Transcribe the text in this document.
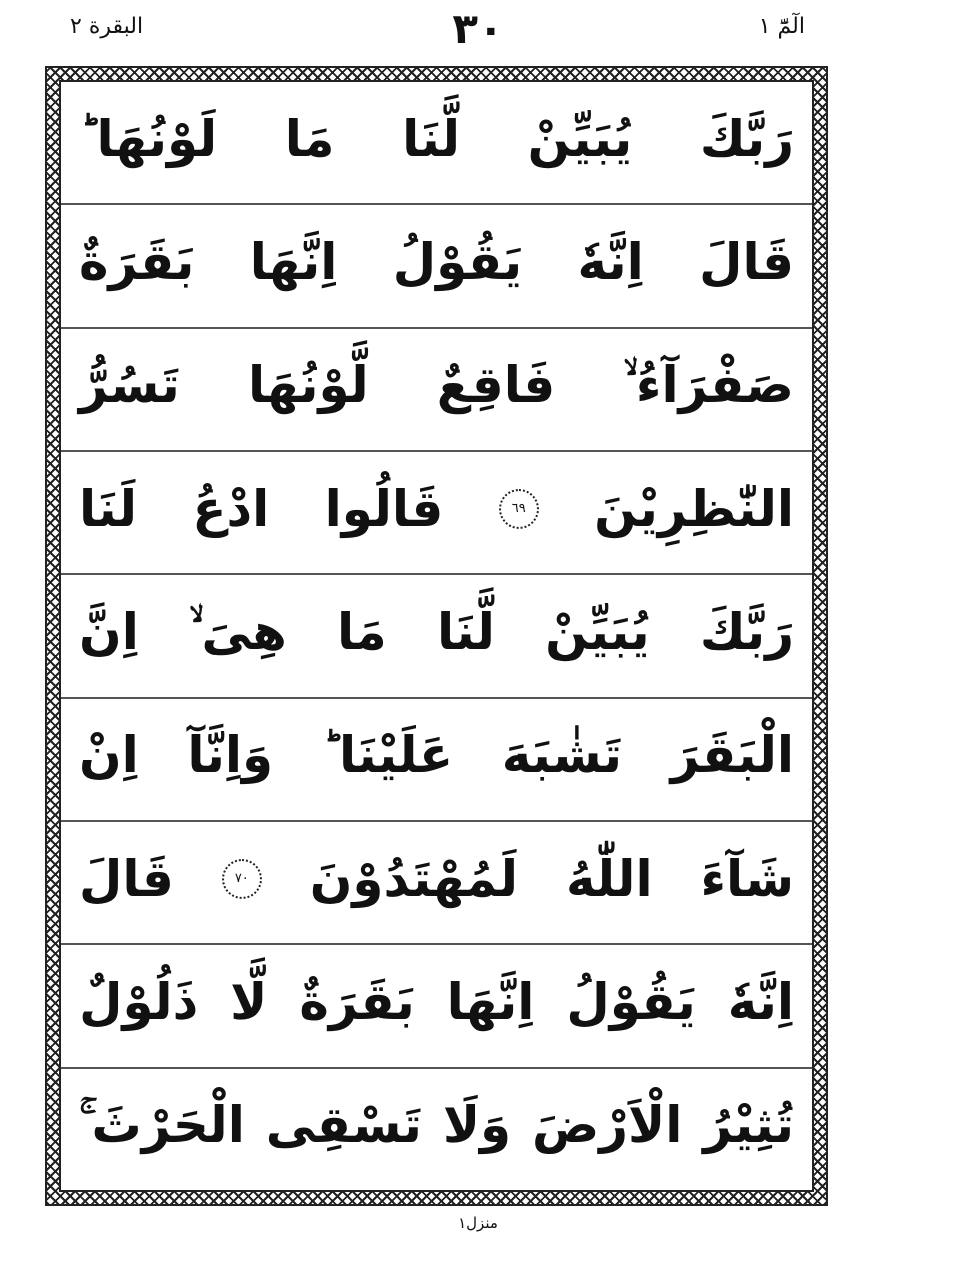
الٓمّٓ ١
٣٠
البقرة ٢
رَبَّكَ
يُبَيِّنْ
لَّنَا
مَا
لَوْنُهَا ؕ
قَالَ
اِنَّهٗ
يَقُوْلُ
اِنَّهَا
بَقَرَةٌ
صَفْرَآءُ ۙ
فَاقِعٌ
لَّوْنُهَا
تَسُرُّ
النّٰظِرِيْنَ
٦٩
قَالُوا
ادْعُ
لَنَا
رَبَّكَ
يُبَيِّنْ
لَّنَا
مَا
هِىَ ۙ
اِنَّ
الْبَقَرَ
تَشٰبَهَ
عَلَيْنَا ؕ
وَاِنَّآ
اِنْ
شَآءَ
اللّٰهُ
لَمُهْتَدُوْنَ
٧٠
قَالَ
اِنَّهٗ
يَقُوْلُ
اِنَّهَا
بَقَرَةٌ
لَّا
ذَلُوْلٌ
تُثِيْرُ
الْاَرْضَ
وَلَا
تَسْقِى
الْحَرْثَ ۚ
منزل١
